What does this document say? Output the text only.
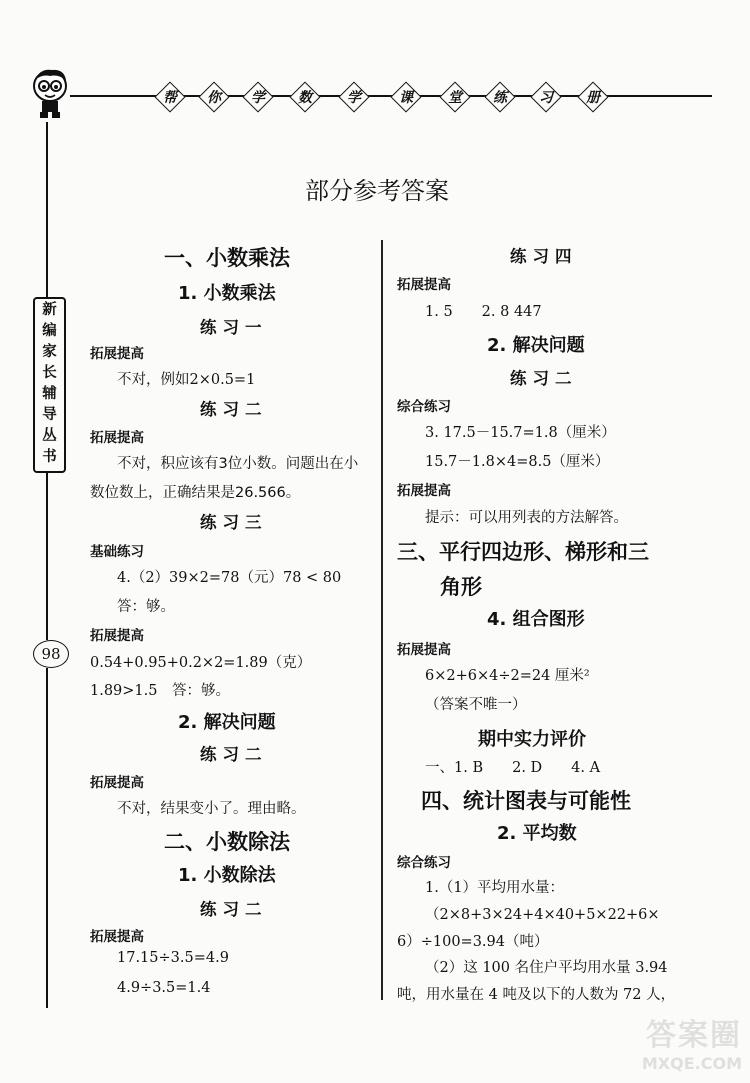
帮	你	学	数	学	课	堂	练	习	册
新
编
家
长
辅
导
丛
书
98
部分参考答案
一、小数乘法
1. 小数乘法
练习一
拓展提高
不对，例如2×0.5=1
练习二
拓展提高
不对，积应该有3位小数。问题出在小
数位数上，正确结果是26.566。
练习三
基础练习
4.（2）39×2=78（元）78 < 80
答：够。
拓展提高
0.54+0.95+0.2×2=1.89（克）
1.89>1.5　答：够。
2. 解决问题
练习二
拓展提高
不对，结果变小了。理由略。
二、小数除法
1. 小数除法
练习二
拓展提高
17.15÷3.5=4.9
4.9÷3.5=1.4
练习四
拓展提高
1. 5　　2. 8 447
2. 解决问题
练习二
综合练习
3. 17.5－15.7=1.8（厘米）
15.7－1.8×4=8.5（厘米）
拓展提高
提示：可以用列表的方法解答。
三、平行四边形、梯形和三
角形
4. 组合图形
拓展提高
6×2+6×4÷2=24 厘米²
（答案不唯一）
期中实力评价
一、1. B　　2. D　　4. A
四、统计图表与可能性
2. 平均数
综合练习
1.（1）平均用水量：
（2×8+3×24+4×40+5×22+6×
6）÷100=3.94（吨）
（2）这 100 名住户平均用水量 3.94
吨，用水量在 4 吨及以下的人数为 72 人，
答案圈
MXQE.COM
